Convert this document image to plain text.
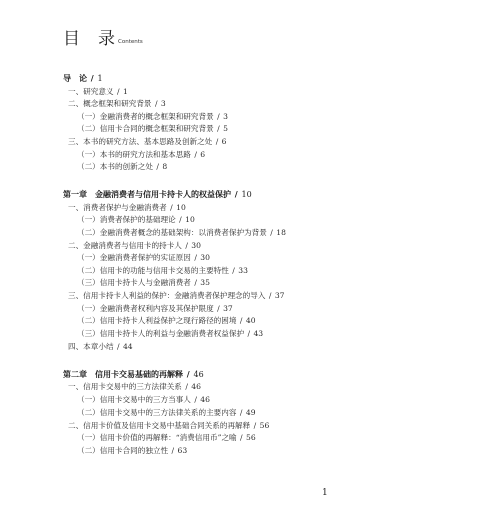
目 录 Contents
导　论 / 1
一、研究意义 / 1
二、概念框架和研究背景 / 3
（一）金融消费者的概念框架和研究背景 / 3
（二）信用卡合同的概念框架和研究背景 / 5
三、本书的研究方法、基本思路及创新之处 / 6
（一）本书的研究方法和基本思路 / 6
（二）本书的创新之处 / 8
第一章　金融消费者与信用卡持卡人的权益保护 / 10
一、消费者保护与金融消费者 / 10
（一）消费者保护的基础理论 / 10
（二）金融消费者概念的基础架构：以消费者保护为背景 / 18
二、金融消费者与信用卡的持卡人 / 30
（一）金融消费者保护的实证原因 / 30
（二）信用卡的功能与信用卡交易的主要特性 / 33
（三）信用卡持卡人与金融消费者 / 35
三、信用卡持卡人利益的保护：金融消费者保护理念的导入 / 37
（一）金融消费者权利内容及其保护限度 / 37
（二）信用卡持卡人利益保护之现行路径的困境 / 40
（三）信用卡持卡人的利益与金融消费者权益保护 / 43
四、本章小结 / 44
第二章　信用卡交易基础的再解释 / 46
一、信用卡交易中的三方法律关系 / 46
（一）信用卡交易中的三方当事人 / 46
（二）信用卡交易中的三方法律关系的主要内容 / 49
二、信用卡价值及信用卡交易中基础合同关系的再解释 / 56
（一）信用卡价值的再解释：“消费信用币”之喻 / 56
（二）信用卡合同的独立性 / 63
1
